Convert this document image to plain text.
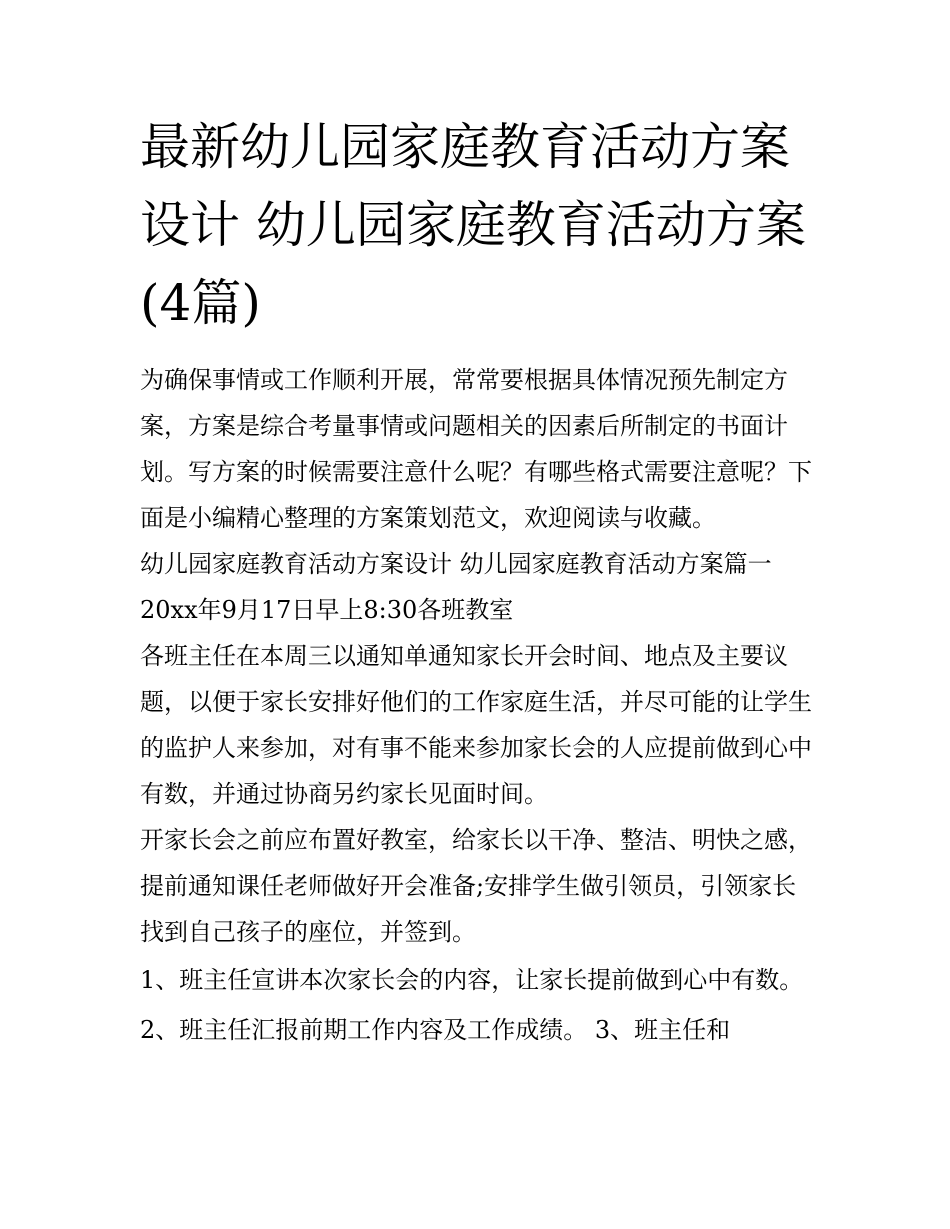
最新幼儿园家庭教育活动方案设计 幼儿园家庭教育活动方案(4篇)

为确保事情或工作顺利开展，常常要根据具体情况预先制定方案，方案是综合考量事情或问题相关的因素后所制定的书面计划。写方案的时候需要注意什么呢？有哪些格式需要注意呢？下面是小编精心整理的方案策划范文，欢迎阅读与收藏。

幼儿园家庭教育活动方案设计 幼儿园家庭教育活动方案篇一

20xx年9月17日早上8:30各班教室

各班主任在本周三以通知单通知家长开会时间、地点及主要议题，以便于家长安排好他们的工作家庭生活，并尽可能的让学生的监护人来参加，对有事不能来参加家长会的人应提前做到心中有数，并通过协商另约家长见面时间。

开家长会之前应布置好教室，给家长以干净、整洁、明快之感，提前通知课任老师做好开会准备;安排学生做引领员，引领家长找到自己孩子的座位，并签到。

1、班主任宣讲本次家长会的内容，让家长提前做到心中有数。 2、班主任汇报前期工作内容及工作成绩。 3、班主任和
